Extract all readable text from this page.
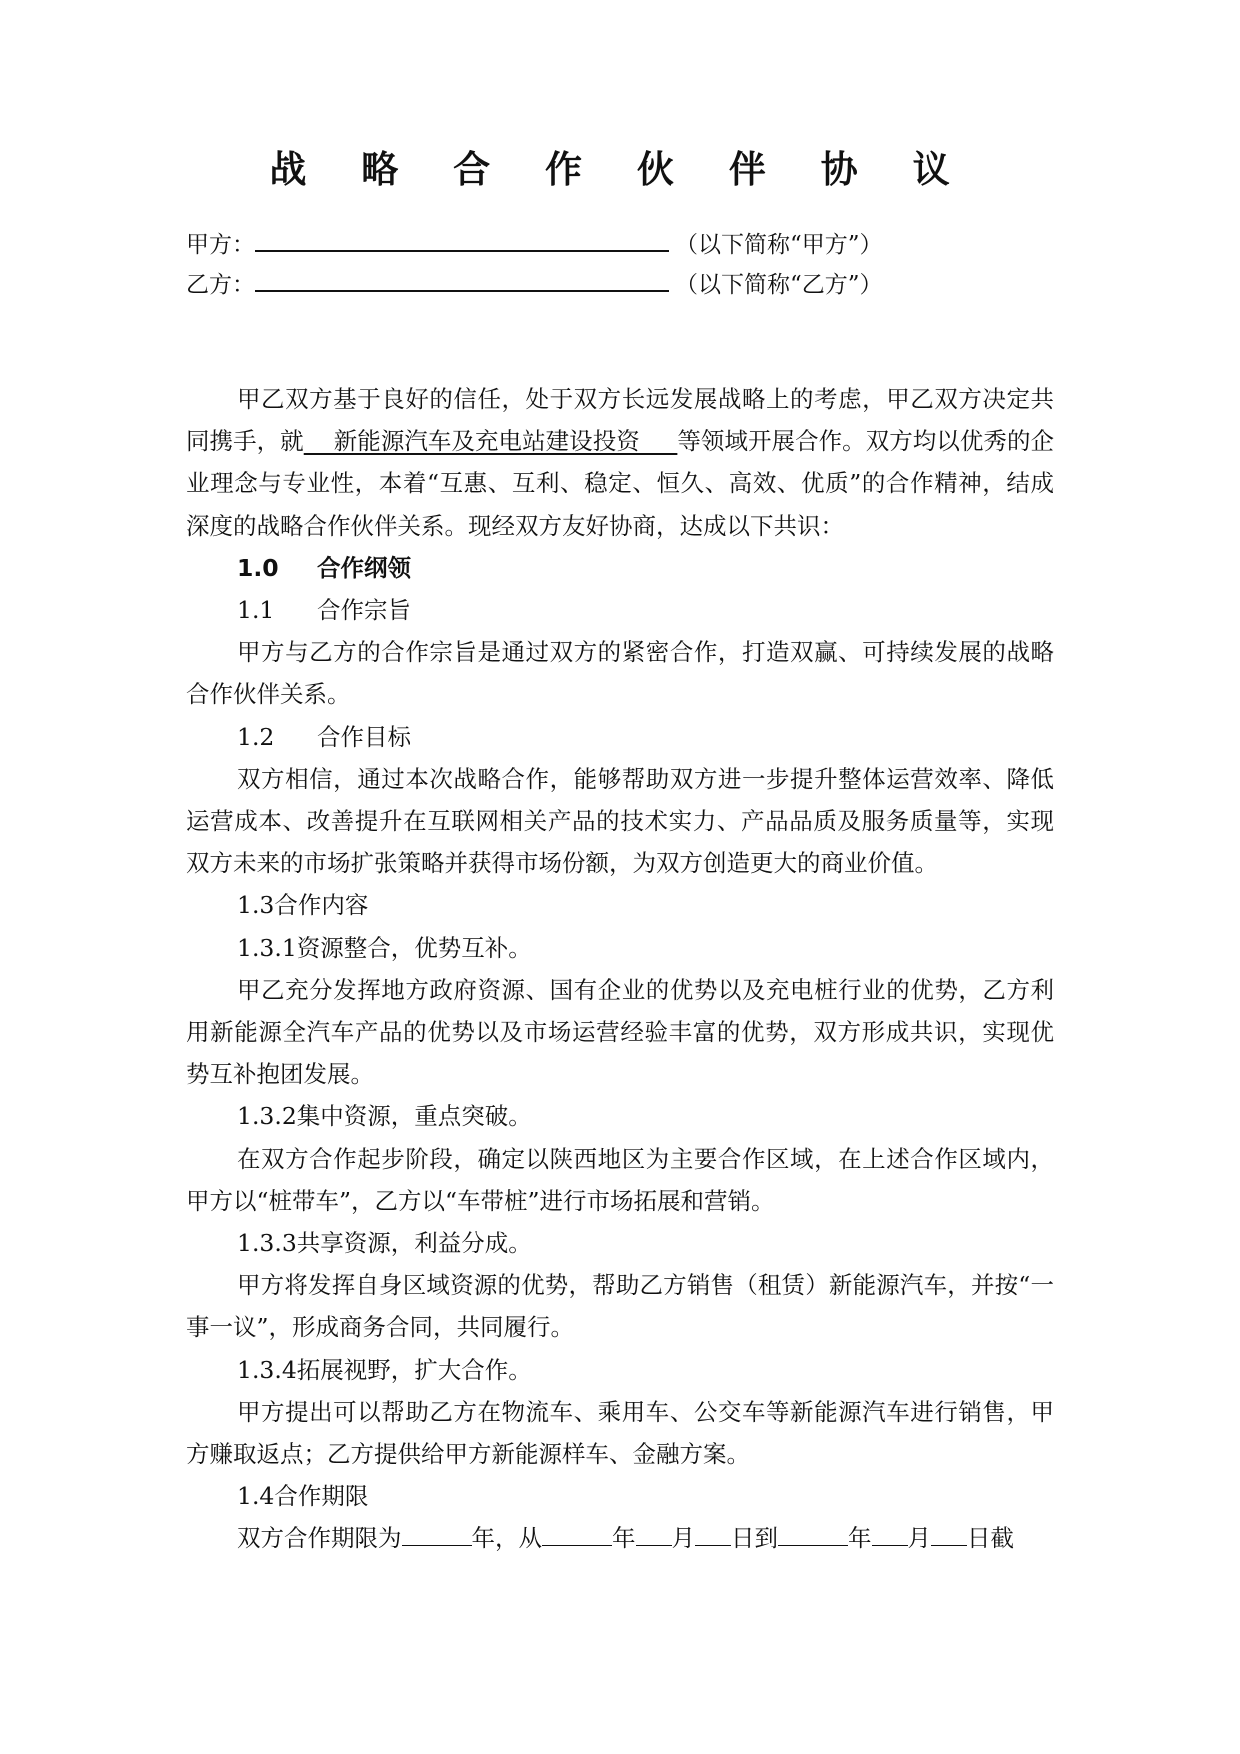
战 略 合 作 伙 伴 协 议
甲方：	（以下简称“甲方”）
乙方：	（以下简称“乙方”）

甲乙双方基于良好的信任，处于双方长远发展战略上的考虑，甲乙双方决定共同携手，就    新能源汽车及充电站建设投资     等领域开展合作。双方均以优秀的企业理念与专业性，本着“互惠、互利、稳定、恒久、高效、优质”的合作精神，结成深度的战略合作伙伴关系。现经双方友好协商，达成以下共识：

1.0 合作纲领

1.1 合作宗旨

甲方与乙方的合作宗旨是通过双方的紧密合作，打造双赢、可持续发展的战略合作伙伴关系。

1.2 合作目标

双方相信，通过本次战略合作，能够帮助双方进一步提升整体运营效率、降低运营成本、改善提升在互联网相关产品的技术实力、产品品质及服务质量等，实现双方未来的市场扩张策略并获得市场份额，为双方创造更大的商业价值。

1.3合作内容

1.3.1资源整合，优势互补。

甲乙充分发挥地方政府资源、国有企业的优势以及充电桩行业的优势，乙方利用新能源全汽车产品的优势以及市场运营经验丰富的优势，双方形成共识，实现优势互补抱团发展。

1.3.2集中资源，重点突破。

在双方合作起步阶段，确定以陕西地区为主要合作区域，在上述合作区域内，甲方以“桩带车”，乙方以“车带桩”进行市场拓展和营销。

1.3.3共享资源，利益分成。

甲方将发挥自身区域资源的优势，帮助乙方销售（租赁）新能源汽车，并按“一事一议”，形成商务合同，共同履行。

1.3.4拓展视野，扩大合作。

甲方提出可以帮助乙方在物流车、乘用车、公交车等新能源汽车进行销售，甲方赚取返点；乙方提供给甲方新能源样车、金融方案。

1.4合作期限

双方合作期限为	年，从	年 月 日到	年 月 日截
